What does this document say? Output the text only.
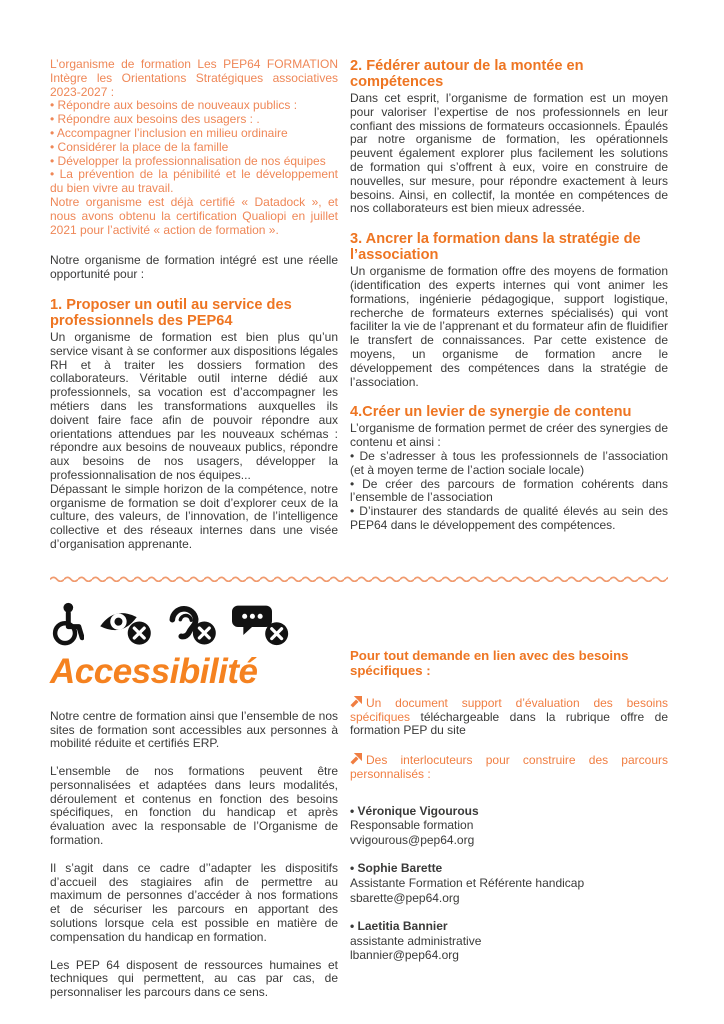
L’organisme de formation Les PEP64 FORMATION Intègre les Orientations Stratégiques associatives 2023-2027 :

• Répondre aux besoins de nouveaux publics :
• Répondre aux besoins des usagers : .
• Accompagner l’inclusion en milieu ordinaire
• Considérer la place de la famille
• Développer la professionnalisation de nos équipes
• La prévention de la pénibilité et le développement du bien vivre au travail.

Notre organisme est déjà certifié « Datadock », et nous avons obtenu la certification Qualiopi en juillet 2021 pour l’activité « action de formation ».

Notre organisme de formation intégré est une réelle opportunité pour :

1. Proposer un outil au service des professionnels des PEP64

Un organisme de formation est bien plus qu’un service visant à se conformer aux dispositions légales RH et à traiter les dossiers formation des collaborateurs. Véritable outil interne dédié aux professionnels, sa vocation est d’accompagner les métiers dans les transformations auxquelles ils doivent faire face afin de pouvoir répondre aux orientations attendues par les nouveaux schémas : répondre aux besoins de nouveaux publics, répondre aux besoins de nos usagers, développer la professionnalisation de nos équipes...

Dépassant le simple horizon de la compétence, notre organisme de formation se doit d’explorer ceux de la culture, des valeurs, de l’innovation, de l’intelligence collective et des réseaux internes dans une visée d’organisation apprenante.

2. Fédérer autour de la montée en compétences

Dans cet esprit, l’organisme de formation est un moyen pour valoriser l’expertise de nos professionnels en leur confiant des missions de formateurs occasionnels. Épaulés par notre organisme de formation, les opérationnels peuvent également explorer plus facilement les solutions de formation qui s’offrent à eux, voire en construire de nouvelles, sur mesure, pour répondre exactement à leurs besoins. Ainsi, en collectif, la montée en compétences de nos collaborateurs est bien mieux adressée.

3. Ancrer la formation dans la stratégie de l’association

Un organisme de formation offre des moyens de formation (identification des experts internes qui vont animer les formations, ingénierie pédagogique, support logistique, recherche de formateurs externes spécialisés) qui vont faciliter la vie de l’apprenant et du formateur afin de fluidifier le transfert de connaissances. Par cette existence de moyens, un organisme de formation ancre le développement des compétences dans la stratégie de l’association.

4.Créer un levier de synergie de contenu

L’organisme de formation permet de créer des synergies de contenu et ainsi :

• De s’adresser à tous les professionnels de l’association (et à moyen terme de l’action sociale locale)
• De créer des parcours de formation cohérents dans l’ensemble de l’association
• D’instaurer des standards de qualité élevés au sein des PEP64 dans le développement des compétences.
Accessibilité

Notre centre de formation ainsi que l’ensemble de nos sites de formation sont accessibles aux personnes à mobilité réduite et certifiés ERP.

L’ensemble de nos formations peuvent être personnalisées et adaptées dans leurs modalités, déroulement et contenus en fonction des besoins spécifiques, en fonction du handicap et après évaluation avec la responsable de l’Organisme de formation.

Il s’agit dans ce cadre d’’adapter les dispositifs d’accueil des stagiaires afin de permettre au maximum de personnes d’accéder à nos formations et de sécuriser les parcours en apportant des solutions lorsque cela est possible en matière de compensation du handicap en formation.

Les PEP 64 disposent de ressources humaines et techniques qui permettent, au cas par cas, de personnaliser les parcours dans ce sens.

Pour tout demande en lien avec des besoins spécifiques :

Un document support d’évaluation des besoins spécifiques téléchargeable dans la rubrique offre de formation PEP du site

Des interlocuteurs pour construire des parcours personnalisés :

• Véronique Vigourous
Responsable formation
vvigourous@pep64.org
• Sophie Barette
Assistante Formation et Référente handicap
sbarette@pep64.org
• Laetitia Bannier
assistante administrative
lbannier@pep64.org
